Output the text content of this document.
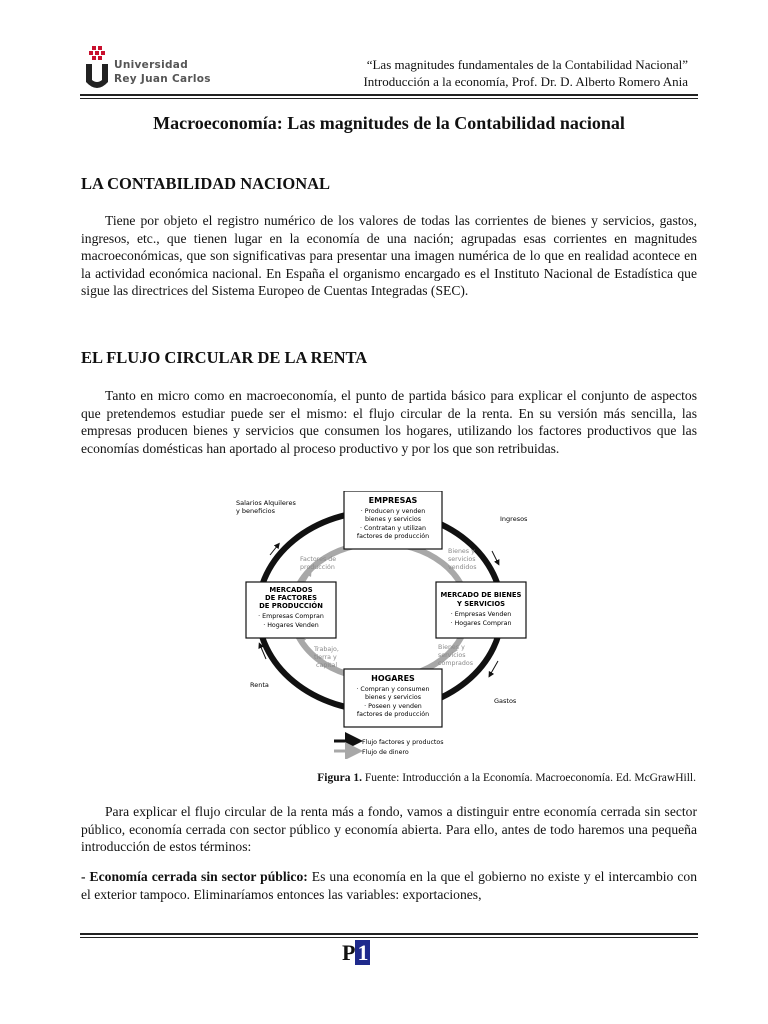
Universidad
Rey Juan Carlos
“Las magnitudes fundamentales de la Contabilidad Nacional”
Introducción a la economía, Prof. Dr. D. Alberto Romero Ania
Macroeconomía: Las magnitudes de la Contabilidad nacional
LA CONTABILIDAD NACIONAL

Tiene por objeto el registro numérico de los valores de todas las corrientes de bienes y servicios, gastos, ingresos, etc., que tienen lugar en la economía de una nación; agrupadas esas corrientes en magnitudes macroeconómicas, que son significativas para presentar una imagen numérica de lo que en realidad acontece en la actividad económica nacional. En España el organismo encargado es el Instituto Nacional de Estadística que sigue las directrices del Sistema Europeo de Cuentas Integradas (SEC).

EL FLUJO CIRCULAR DE LA RENTA

Tanto en micro como en macroeconomía, el punto de partida básico para explicar el conjunto de aspectos que pretendemos estudiar puede ser el mismo: el flujo circular de la renta. En su versión más sencilla, las empresas producen bienes y servicios que consumen los hogares, utilizando los factores productivos que las economías domésticas han aportado al proceso productivo y por los que son retribuidas.

EMPRESAS
· Producen y venden
bienes y servicios
· Contratan y utilizan
factores de producción
HOGARES
· Compran y consumen
bienes y servicios
· Poseen y venden
factores de producción
MERCADOS
DE FACTORES
DE PRODUCCIÓN
· Empresas Compran
· Hogares Venden
MERCADO DE BIENES
Y SERVICIOS
· Empresas Venden
· Hogares Compran
Salarios Alquileres
y beneficios
Ingresos
Renta
Gastos
Factores de
producción
Bienes y
servicios
vendidos
Bienes y
servicios
comprados
Trabajo,
tierra y
capital
Flujo factores y productos
Flujo de dinero
Figura 1. Fuente: Introducción a la Economía. Macroeconomía. Ed. McGrawHill.

Para explicar el flujo circular de la renta más a fondo, vamos a distinguir entre economía cerrada sin sector público, economía cerrada con sector público y economía abierta. Para ello, antes de todo haremos una pequeña introducción de estos términos:

- Economía cerrada sin sector público: Es una economía en la que el gobierno no existe y el intercambio con el exterior tampoco. Eliminaríamos entonces las variables: exportaciones,

P1
